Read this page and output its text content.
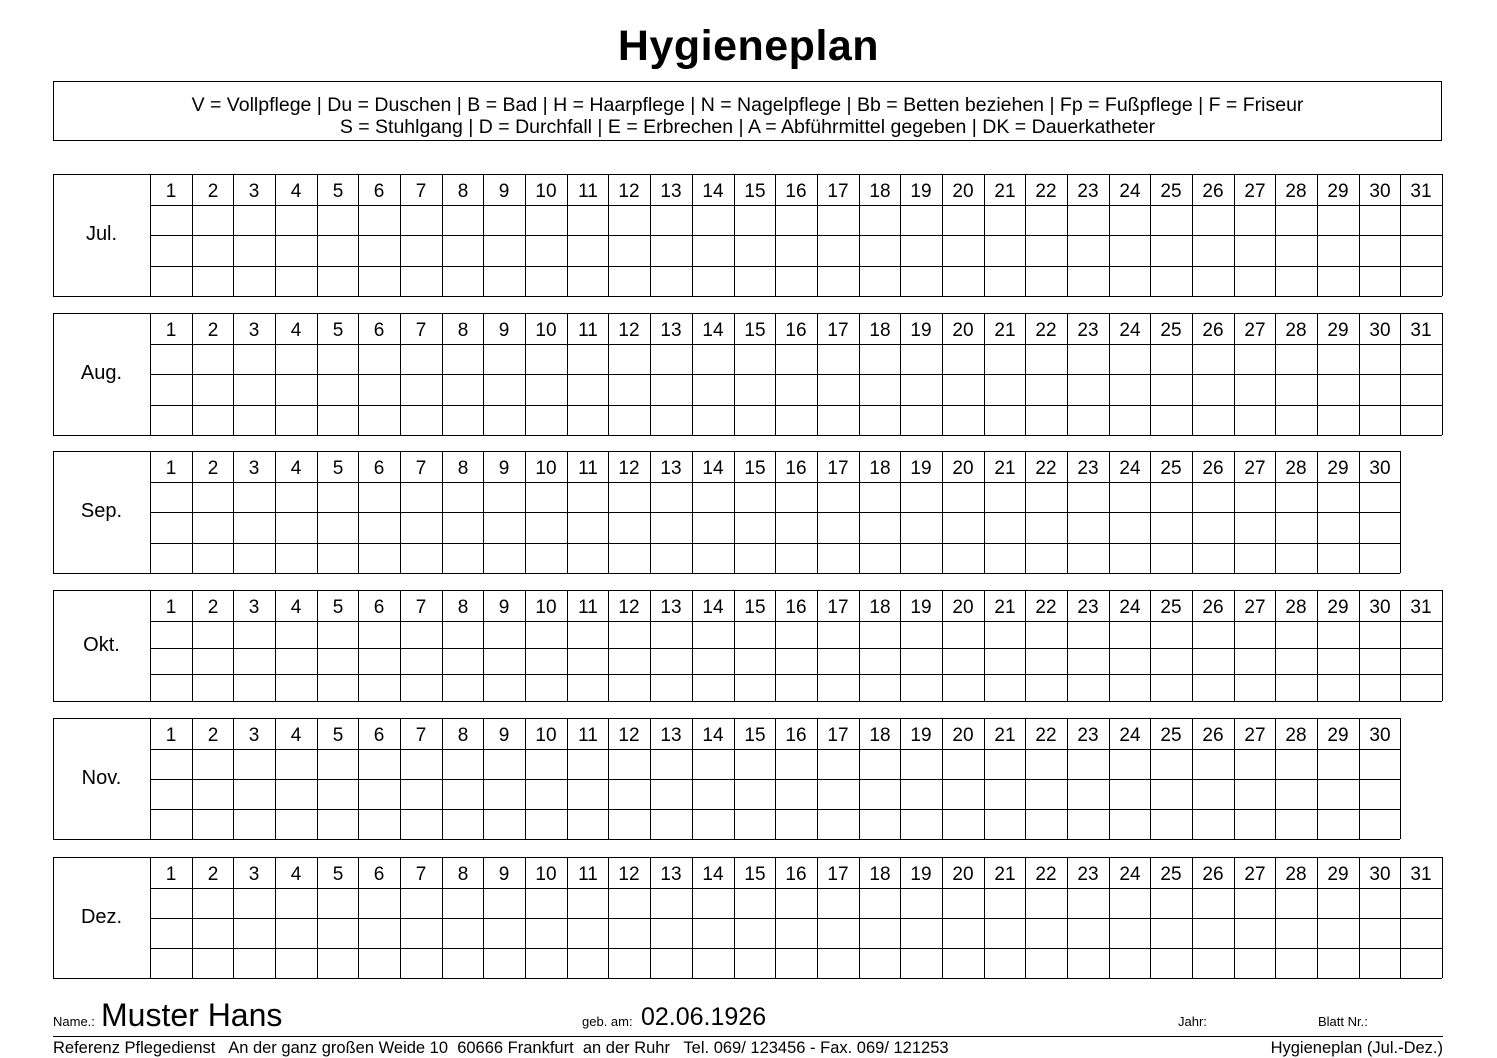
Hygieneplan
V = Vollpflege | Du = Duschen | B = Bad | H = Haarpflege | N = Nagelpflege | Bb = Betten beziehen | Fp = Fußpflege | F = Friseur
S = Stuhlgang | D = Durchfall | E = Erbrechen | A = Abführmittel gegeben | DK = Dauerkatheter
Jul.
1	2	3	4	5	6	7	8	9	10	11	12	13	14	15	16	17	18	19	20	21	22	23	24	25	26	27	28	29	30	31
Aug.
1	2	3	4	5	6	7	8	9	10	11	12	13	14	15	16	17	18	19	20	21	22	23	24	25	26	27	28	29	30	31
Sep.
1	2	3	4	5	6	7	8	9	10	11	12	13	14	15	16	17	18	19	20	21	22	23	24	25	26	27	28	29	30
Okt.
1	2	3	4	5	6	7	8	9	10	11	12	13	14	15	16	17	18	19	20	21	22	23	24	25	26	27	28	29	30	31
Nov.
1	2	3	4	5	6	7	8	9	10	11	12	13	14	15	16	17	18	19	20	21	22	23	24	25	26	27	28	29	30
Dez.
1	2	3	4	5	6	7	8	9	10	11	12	13	14	15	16	17	18	19	20	21	22	23	24	25	26	27	28	29	30	31
Name.: Muster Hans	geb. am: 02.06.1926	Jahr:	Blatt Nr.:
Referenz Pflegedienst   An der ganz großen Weide 10  60666 Frankfurt  an der Ruhr   Tel. 069/ 123456 - Fax. 069/ 121253	Hygieneplan (Jul.-Dez.)
